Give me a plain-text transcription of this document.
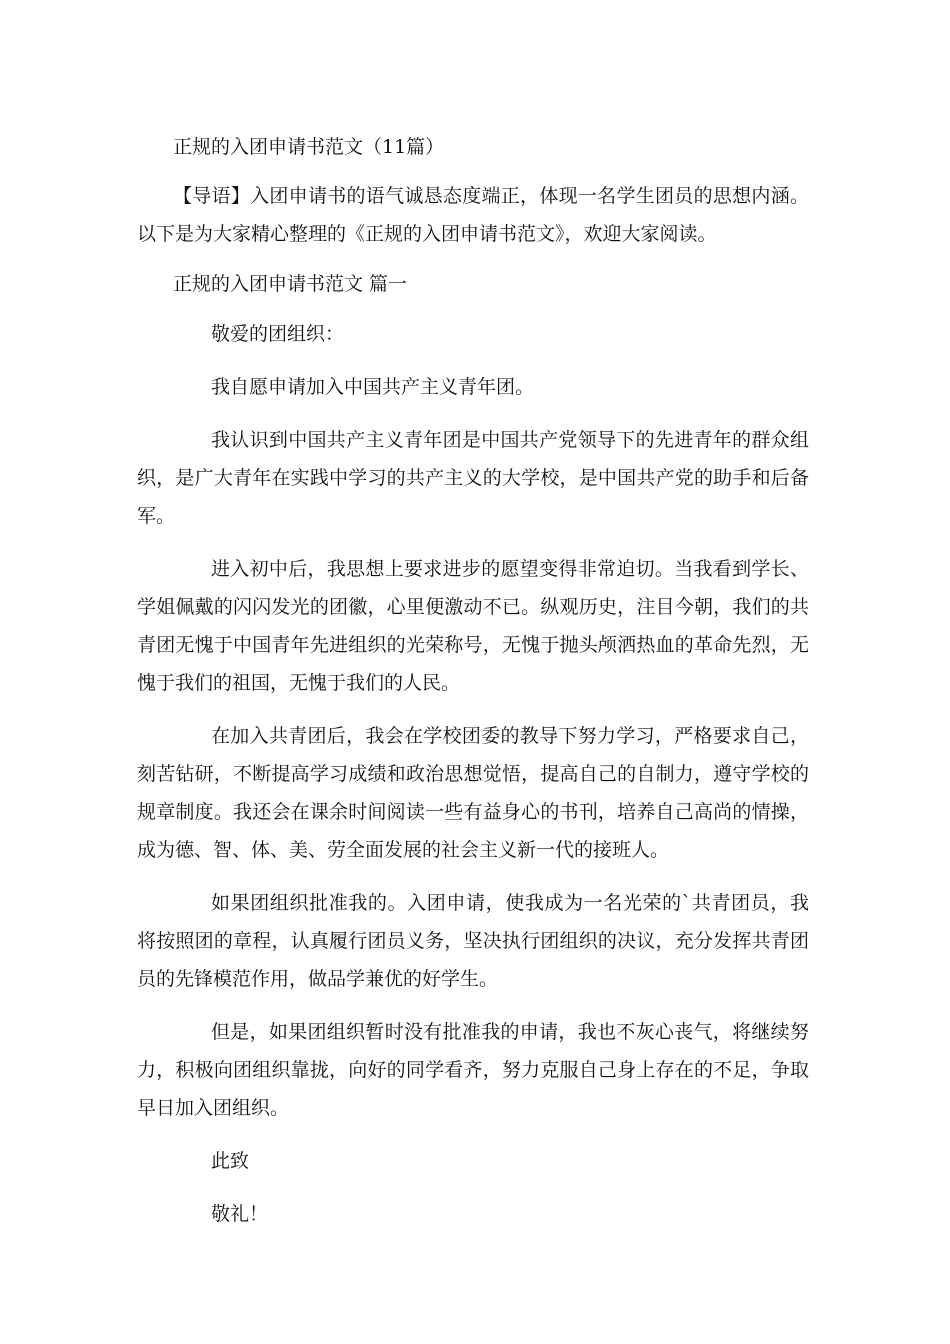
正规的入团申请书范文（11篇）

【导语】入团申请书的语气诚恳态度端正，体现一名学生团员的思想内涵。以下是为大家精心整理的《正规的入团申请书范文》，欢迎大家阅读。

正规的入团申请书范文 篇一

敬爱的团组织：

我自愿申请加入中国共产主义青年团。

我认识到中国共产主义青年团是中国共产党领导下的先进青年的群众组织，是广大青年在实践中学习的共产主义的大学校，是中国共产党的助手和后备军。

进入初中后，我思想上要求进步的愿望变得非常迫切。当我看到学长、学姐佩戴的闪闪发光的团徽，心里便激动不已。纵观历史，注目今朝，我们的共青团无愧于中国青年先进组织的光荣称号，无愧于抛头颅洒热血的革命先烈，无愧于我们的祖国，无愧于我们的人民。

在加入共青团后，我会在学校团委的教导下努力学习，严格要求自己，刻苦钻研，不断提高学习成绩和政治思想觉悟，提高自己的自制力，遵守学校的规章制度。我还会在课余时间阅读一些有益身心的书刊，培养自己高尚的情操，成为德、智、体、美、劳全面发展的社会主义新一代的接班人。

如果团组织批准我的。入团申请，使我成为一名光荣的`共青团员，我将按照团的章程，认真履行团员义务，坚决执行团组织的决议，充分发挥共青团员的先锋模范作用，做品学兼优的好学生。

但是，如果团组织暂时没有批准我的申请，我也不灰心丧气，将继续努力，积极向团组织靠拢，向好的同学看齐，努力克服自己身上存在的不足，争取早日加入团组织。

此致

敬礼！
